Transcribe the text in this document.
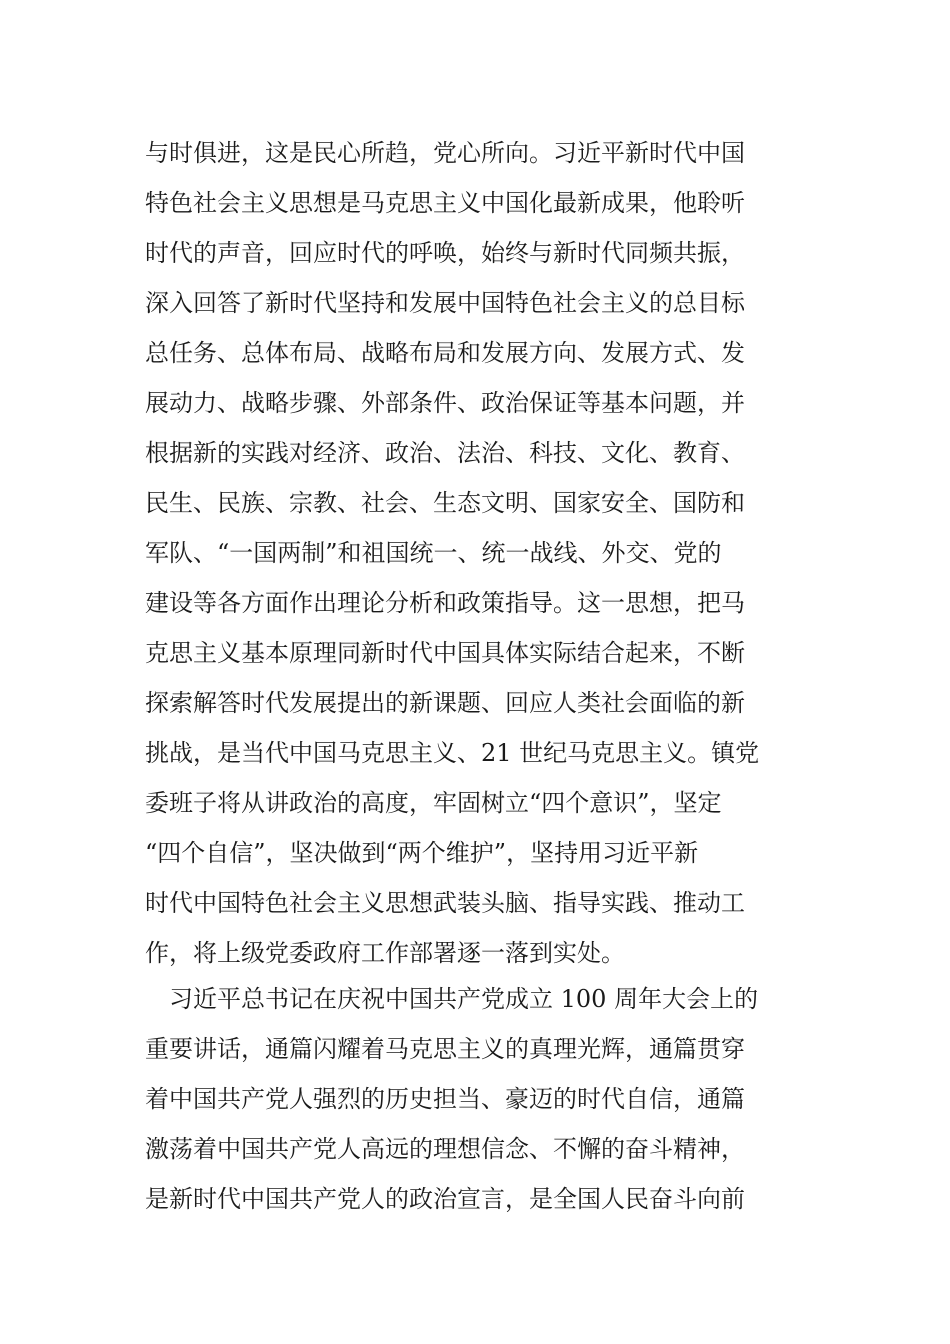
与时俱进，这是民心所趋，党心所向。习近平新时代中国
特色社会主义思想是马克思主义中国化最新成果，他聆听
时代的声音，回应时代的呼唤，始终与新时代同频共振，
深入回答了新时代坚持和发展中国特色社会主义的总目标
总任务、总体布局、战略布局和发展方向、发展方式、发
展动力、战略步骤、外部条件、政治保证等基本问题，并
根据新的实践对经济、政治、法治、科技、文化、教育、
民生、民族、宗教、社会、生态文明、国家安全、国防和
军队、“一国两制”和祖国统一、统一战线、外交、党的
建设等各方面作出理论分析和政策指导。这一思想，把马
克思主义基本原理同新时代中国具体实际结合起来，不断
探索解答时代发展提出的新课题、回应人类社会面临的新
挑战，是当代中国马克思主义、21 世纪马克思主义。镇党
委班子将从讲政治的高度，牢固树立“四个意识”，坚定
“四个自信”，坚决做到“两个维护”，坚持用习近平新
时代中国特色社会主义思想武装头脑、指导实践、推动工
作，将上级党委政府工作部署逐一落到实处。
　习近平总书记在庆祝中国共产党成立 100 周年大会上的
重要讲话，通篇闪耀着马克思主义的真理光辉，通篇贯穿
着中国共产党人强烈的历史担当、豪迈的时代自信，通篇
激荡着中国共产党人高远的理想信念、不懈的奋斗精神，
是新时代中国共产党人的政治宣言，是全国人民奋斗向前
